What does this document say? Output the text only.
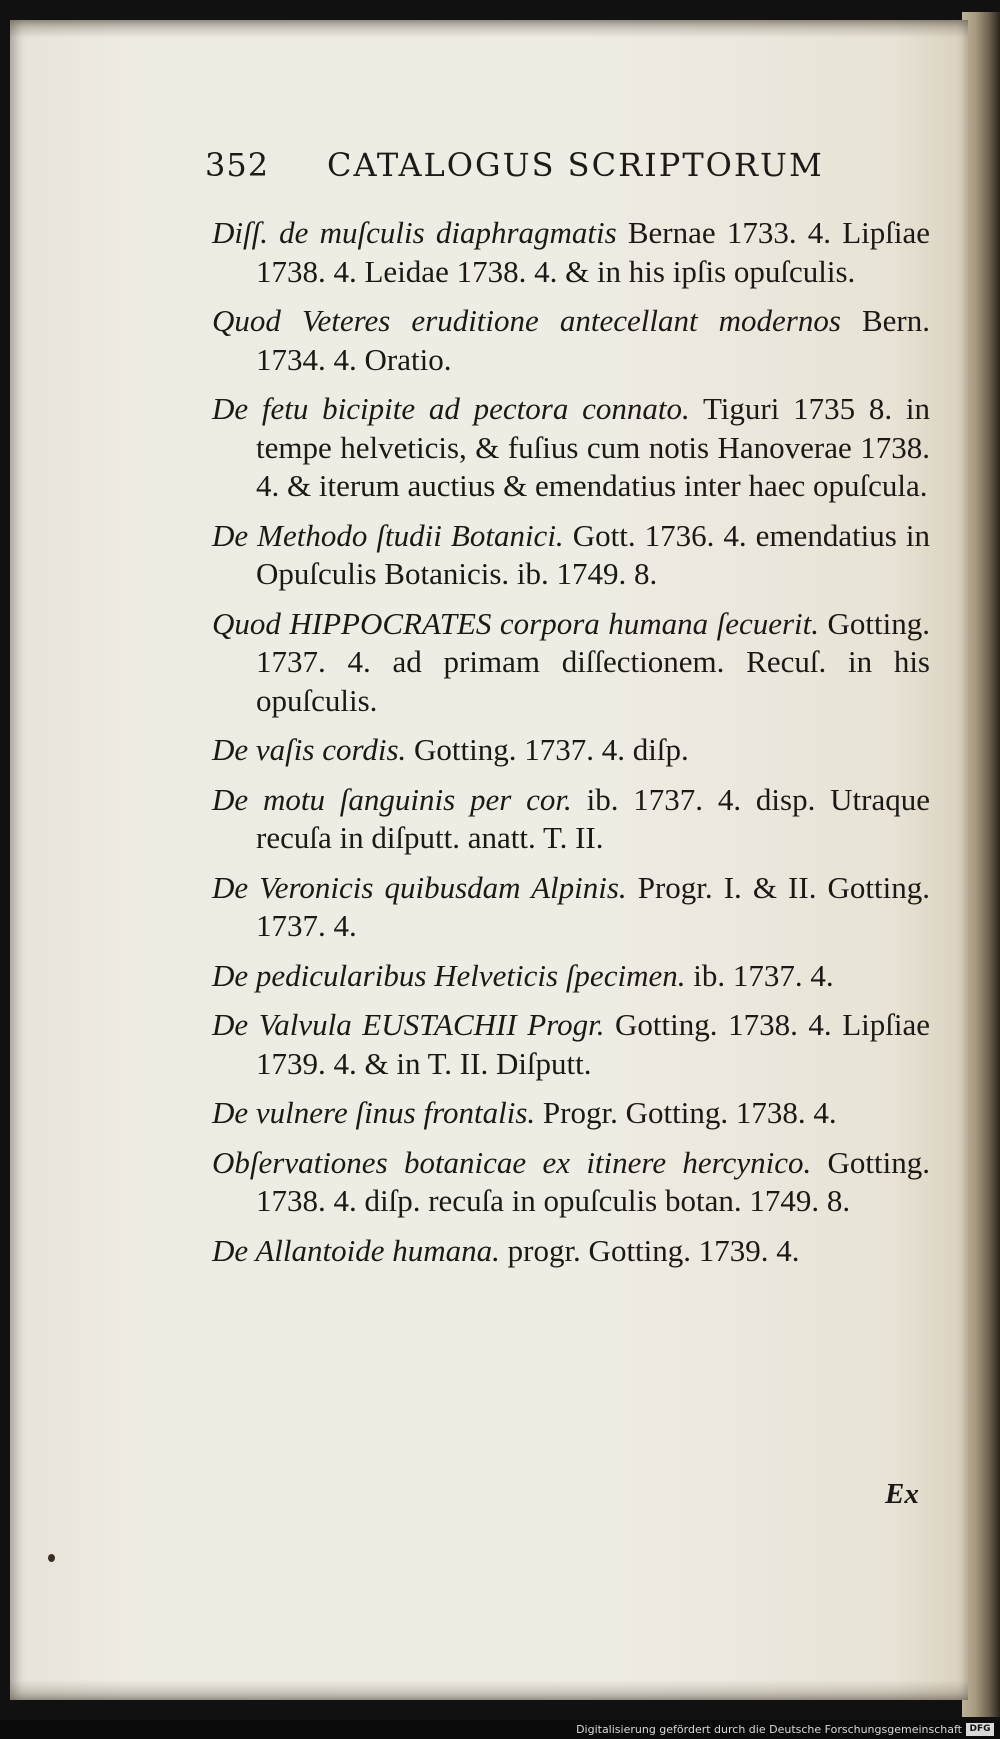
352 CATALOGUS SCRIPTORUM

Diſſ. de muſculis diaphragmatis Bernae 1733. 4. Lipſiae 1738. 4. Leidae 1738. 4. & in his ipſis opuſculis.

Quod Veteres eruditione antecellant modernos Bern. 1734. 4. Oratio.

De fetu bicipite ad pectora connato. Tiguri 1735 8. in tempe helveticis, & fuſius cum notis Hanoverae 1738. 4. & iterum auctius & emendatius inter haec opuſcula.

De Methodo ſtudii Botanici. Gott. 1736. 4. emendatius in Opuſculis Botanicis. ib. 1749. 8.

Quod HIPPOCRATES corpora humana ſecuerit. Gotting. 1737. 4. ad primam diſſectionem. Recuſ. in his opuſculis.

De vaſis cordis. Gotting. 1737. 4. diſp.

De motu ſanguinis per cor. ib. 1737. 4. disp. Utraque recuſa in diſputt. anatt. T. II.

De Veronicis quibusdam Alpinis. Progr. I. & II. Gotting. 1737. 4.

De pedicularibus Helveticis ſpecimen. ib. 1737. 4.

De Valvula EUSTACHII Progr. Gotting. 1738. 4. Lipſiae 1739. 4. & in T. II. Diſputt.

De vulnere ſinus frontalis. Progr. Gotting. 1738. 4.

Obſervationes botanicae ex itinere hercynico. Gotting. 1738. 4. diſp. recuſa in opuſculis botan. 1749. 8.

De Allantoide humana. progr. Gotting. 1739. 4.

Ex
Digitalisierung gefördert durch die Deutsche Forschungsgemeinschaft DFG
